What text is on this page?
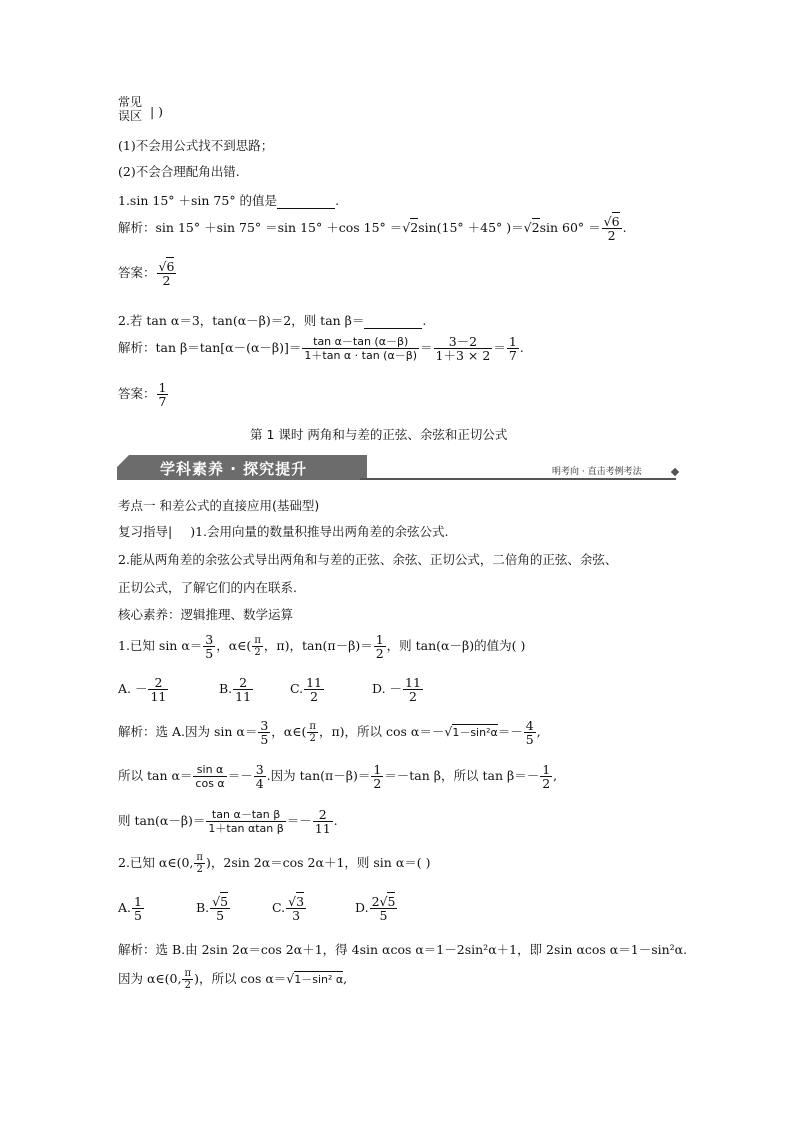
常见
误区 | )
(1)不会用公式找不到思路；
(2)不会合理配角出错.
1.sin 15° ＋sin 75° 的值是	.
解析：sin 15° ＋sin 75° ＝sin 15° ＋cos 15° ＝√2sin(15° ＋45° )＝√2sin $60^\circ = \frac{√6}{2}$ .
答案： $\frac{√6}{2}$
2.若 tan α＝3，tan(α－β)＝2，则 tan β＝	.
解析：$\tan \beta=\tan[\alpha-(\alpha-\beta)]= \frac{\text{tan α－tan (α－β)}}{\text{1＋tan α · tan (α－β)}} = \frac{3-2}{1+3 \times 2} = \frac{1}{7}$ .
答案： $\frac{1}{7}$
第 1 课时 两角和与差的正弦、余弦和正切公式
学科素养 · 探究提升	明考向 · 直击考例考法
考点一 和差公式的直接应用(基础型)
复习指导| )1.会用向量的数量积推导出两角差的余弦公式.
2.能从两角差的余弦公式导出两角和与差的正弦、余弦、正切公式，二倍角的正弦、余弦、
正切公式，了解它们的内在联系.
核心素养：逻辑推理、数学运算
1.已知 $\sin \alpha= \frac{3}{5}$ ，α∈( $\frac{\pi}{2}$ ，π)，$\tan(\pi-\beta)= \frac{1}{2}$ ，则 tan(α－β)的值为( )
A. － $\frac{2}{11}$	B. $\frac{2}{11}$	C. $\frac{11}{2}$	D. － $\frac{11}{2}$
解析：选 A.因为 $\sin \alpha= \frac{3}{5}$ ，α∈( $\frac{\pi}{2}$ ，π)，所以 $\cos \alpha=-√1-\sin^2\alpha=- \frac{4}{5}$ ,
所以 $\tan \alpha= \frac{\text{sin α}}{\text{cos α}} =- \frac{3}{4}$ .因为 $\tan(\pi-\beta)= \frac{1}{2} =-\tan$ β，所以 $\tan \beta=- \frac{1}{2}$ ,
则 $\tan(\alpha-\beta)= \frac{\text{tan α－tan β}}{\text{1＋tan αtan β}} =- \frac{2}{11}$ .
2.已知 α∈(0, $\frac{\pi}{2}$ )，2sin 2α＝cos 2α＋1，则 sin α＝( )
A. $\frac{1}{5}$	B. $\frac{√5}{5}$	C. $\frac{√3}{3}$	D. $\frac{2√5}{5}$
解析：选 B.由 2sin 2α＝cos 2α＋1，得 4sin αcos α＝1－2sin²α＋1，即 2sin αcos α＝1－sin²α.
因为 α∈(0, $\frac{\pi}{2}$ )，所以 cos α＝√1－sin² α,
